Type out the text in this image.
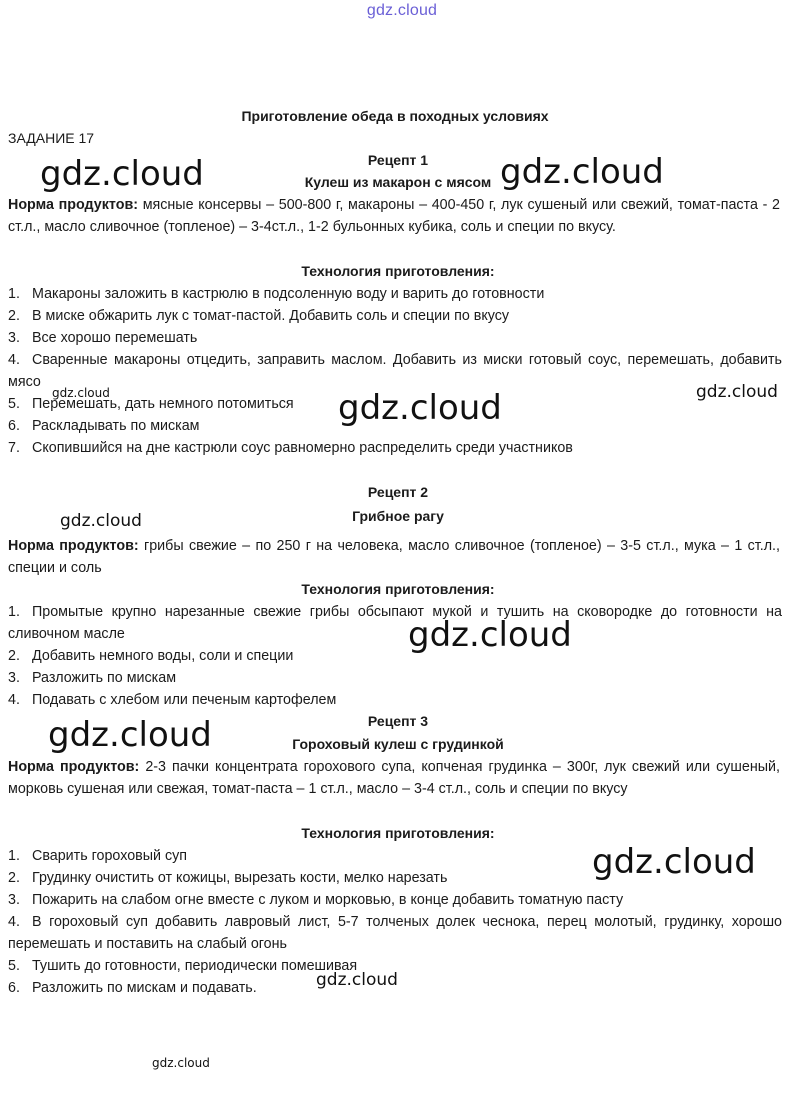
gdz.cloud
Приготовление обеда в походных условиях
ЗАДАНИЕ 17
Рецепт 1
Кулеш из макарон с мясом
Норма продуктов: мясные консервы – 500-800 г, макароны – 400-450 г, лук сушеный или свежий, томат-паста - 2 ст.л., масло сливочное (топленое) – 3-4ст.л., 1-2 бульонных кубика, соль и специи по вкусу.
Технология приготовления:
1. Макароны заложить в кастрюлю в подсоленную воду и варить до готовности
2. В миске обжарить лук с томат-пастой. Добавить соль и специи по вкусу
3. Все хорошо перемешать
4. Сваренные макароны отцедить, заправить маслом. Добавить из миски готовый соус, перемешать, добавить мясо
5. Перемешать, дать немного потомиться
6. Раскладывать по мискам
7. Скопившийся на дне кастрюли соус равномерно распределить среди участников
Рецепт 2
Грибное рагу
Норма продуктов: грибы свежие – по 250 г на человека, масло сливочное (топленое) – 3-5 ст.л., мука – 1 ст.л., специи и соль
Технология приготовления:
1. Промытые крупно нарезанные свежие грибы обсыпают мукой и тушить на сковородке до готовности на сливочном масле
2. Добавить немного воды, соли и специи
3. Разложить по мискам
4. Подавать с хлебом или печеным картофелем
Рецепт 3
Гороховый кулеш с грудинкой
Норма продуктов: 2-3 пачки концентрата горохового супа, копченая грудинка – 300г, лук свежий или сушеный, морковь сушеная или свежая, томат-паста – 1 ст.л., масло – 3-4 ст.л., соль и специи по вкусу
Технология приготовления:
1. Сварить гороховый суп
2. Грудинку очистить от кожицы, вырезать кости, мелко нарезать
3. Пожарить на слабом огне вместе с луком и морковью, в конце добавить томатную пасту
4. В гороховый суп добавить лавровый лист, 5-7 толченых долек чеснока, перец молотый, грудинку, хорошо перемешать и поставить на слабый огонь
5. Тушить до готовности, периодически помешивая
6. Разложить по мискам и подавать.
gdz.cloud	gdz.cloud
gdz.cloud	gdz.cloud	gdz.cloud
gdz.cloud
gdz.cloud
gdz.cloud
gdz.cloud
gdz.cloud
gdz.cloud
